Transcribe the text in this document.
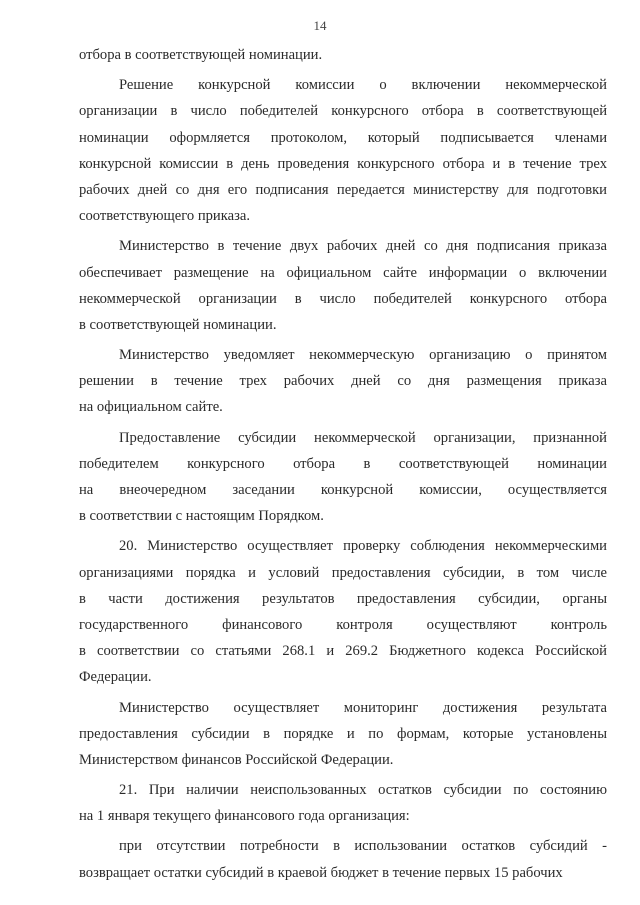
14
отбора в соответствующей номинации.
Решение конкурсной комиссии о включении некоммерческой
организации в число победителей конкурсного отбора в соответствующей
номинации оформляется протоколом, который подписывается членами
конкурсной комиссии в день проведения конкурсного отбора и в течение трех
рабочих дней со дня его подписания передается министерству для подготовки
соответствующего приказа.
Министерство в течение двух рабочих дней со дня подписания приказа
обеспечивает размещение на официальном сайте информации о включении
некоммерческой организации в число победителей конкурсного отбора
в соответствующей номинации.
Министерство уведомляет некоммерческую организацию о принятом
решении в течение трех рабочих дней со дня размещения приказа
на официальном сайте.
Предоставление субсидии некоммерческой организации, признанной
победителем конкурсного отбора в соответствующей номинации
на внеочередном заседании конкурсной комиссии, осуществляется
в соответствии с настоящим Порядком.
20. Министерство осуществляет проверку соблюдения некоммерческими
организациями порядка и условий предоставления субсидии, в том числе
в части достижения результатов предоставления субсидии, органы
государственного финансового контроля осуществляют контроль
в соответствии со статьями 268.1 и 269.2 Бюджетного кодекса Российской
Федерации.
Министерство осуществляет мониторинг достижения результата
предоставления субсидии в порядке и по формам, которые установлены
Министерством финансов Российской Федерации.
21. При наличии неиспользованных остатков субсидии по состоянию
на 1 января текущего финансового года организация:
при отсутствии потребности в использовании остатков субсидий -
возвращает остатки субсидий в краевой бюджет в течение первых 15 рабочих
